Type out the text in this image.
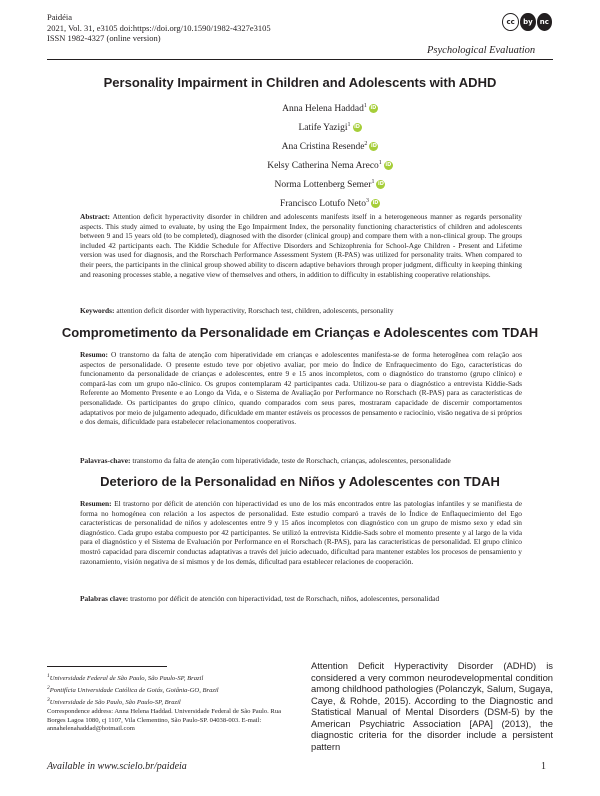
Paidéia
2021, Vol. 31, e3105 doi:https://doi.org/10.1590/1982-4327e3105
ISSN 1982-4327 (online version)
cc	by	nc
Psychological Evaluation
Personality Impairment in Children and Adolescents with ADHD
Anna Helena Haddad$^1$ iD
Latife Yazigi$^1$ iD
Ana Cristina Resende$^2$ iD
Kelsy Catherina Nema Areco$^1$ iD
Norma Lottenberg Semer$^1$ iD
Francisco Lotufo Neto$^3$ iD
Abstract: Attention deficit hyperactivity disorder in children and adolescents manifests itself in a heterogeneous manner as regards personality aspects. This study aimed to evaluate, by using the Ego Impairment Index, the personality functioning characteristics of children and adolescents between 9 and 15 years old (to be completed), diagnosed with the disorder (clinical group) and compare them with a non-clinical group. The groups included 42 participants each. The Kiddie Schedule for Affective Disorders and Schizophrenia for School-Age Children - Present and Lifetime version was used for diagnosis, and the Rorschach Performance Assessment System (R-PAS) was utilized for personality traits. When compared to their peers, the participants in the clinical group showed ability to discern adaptive behaviors through proper judgment, difficulty in keeping thinking and reasoning processes stable, a negative view of themselves and others, in addition to difficulty in establishing cooperative relationships.
Keywords: attention deficit disorder with hyperactivity, Rorschach test, children, adolescents, personality
Comprometimento da Personalidade em Crianças e Adolescentes com TDAH
Resumo: O transtorno da falta de atenção com hiperatividade em crianças e adolescentes manifesta-se de forma heterogênea com relação aos aspectos de personalidade. O presente estudo teve por objetivo avaliar, por meio do Índice de Enfraquecimento do Ego, características do funcionamento da personalidade de crianças e adolescentes, entre 9 e 15 anos incompletos, com o diagnóstico do transtorno (grupo clínico) e compará-las com um grupo não-clínico. Os grupos contemplaram 42 participantes cada. Utilizou-se para o diagnóstico a entrevista Kiddie-Sads Referente ao Momento Presente e ao Longo da Vida, e o Sistema de Avaliação por Performance no Rorschach (R-PAS) para as características de personalidade. Os participantes do grupo clínico, quando comparados com seus pares, mostraram capacidade de discernir comportamentos adaptativos por meio de julgamento adequado, dificuldade em manter estáveis os processos de pensamento e raciocínio, visão negativa de si próprios e dos demais, dificuldade para estabelecer relacionamentos cooperativos.
Palavras-chave: transtorno da falta de atenção com hiperatividade, teste de Rorschach, crianças, adolescentes, personalidade
Deterioro de la Personalidad en Niños y Adolescentes con TDAH
Resumen: El trastorno por déficit de atención con hiperactividad es uno de los más encontrados entre las patologías infantiles y se manifiesta de forma no homogénea con relación a los aspectos de personalidad. Este estudio comparó a través de lo Índice de Enflaquecimiento del Ego características de personalidad de niños y adolescentes entre 9 y 15 años incompletos con diagnóstico con un grupo de mismo sexo y edad sin diagnóstico. Cada grupo estaba compuesto por 42 participantes. Se utilizó la entrevista Kiddie-Sads sobre el momento presente y al largo de la vida para el diagnóstico y el Sistema de Evaluación por Performance en el Rorschach (R-PAS), para las características de personalidad. El grupo clínico mostró capacidad para discernir conductas adaptativas a través del juicio adecuado, dificultad para mantener estables los procesos de pensamiento y razonamiento, visión negativa de sí mismos y de los demás, dificultad para establecer relaciones de cooperación.
Palabras clave: trastorno por déficit de atención con hiperactividad, test de Rorschach, niños, adolescentes, personalidad
$^1$Universidade Federal de São Paulo, São Paulo-SP, Brazil
$^2$Pontifícia Universidade Católica de Goiás, Goiânia-GO, Brazil
$^3$Universidade de São Paulo, São Paulo-SP, Brazil
Correspondence address: Anna Helena Haddad. Universidade Federal de São Paulo. Rua Borges Lagoa 1080, cj 1107, Vila Clementino, São Paulo-SP. 04038-003. E-mail: annahelenahaddad@hotmail.com
Attention Deficit Hyperactivity Disorder (ADHD) is considered a very common neurodevelopmental condition among childhood pathologies (Polanczyk, Salum, Sugaya, Caye, & Rohde, 2015). According to the Diagnostic and Statistical Manual of Mental Disorders (DSM-5) by the American Psychiatric Association [APA] (2013), the diagnostic criteria for the disorder include a persistent pattern
Available in www.scielo.br/paideia	1
